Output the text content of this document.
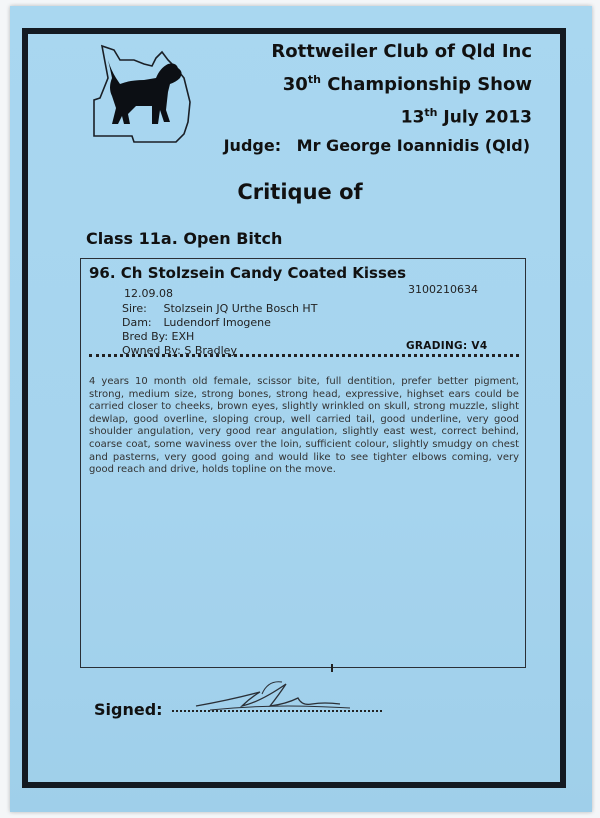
Rottweiler Club of Qld Inc
30th Championship Show
13th July 2013
Judge: Mr George Ioannidis (Qld)
Critique of
Class 11a. Open Bitch
96. Ch Stolzsein Candy Coated Kisses
12.09.08	3100210634
Sire: Stolzsein JQ Urthe Bosch HT
Dam: Ludendorf Imogene
Bred By: EXH
Owned By: S Bradley	GRADING: V4
4 years 10 month old female, scissor bite, full dentition, prefer better pigment, strong, medium size, strong bones, strong head, expressive, highset ears could be carried closer to cheeks, brown eyes, slightly wrinkled on skull, strong muzzle, slight dewlap, good overline, sloping croup, well carried tail, good underline, very good shoulder angulation, very good rear angulation, slightly east west, correct behind, coarse coat, some waviness over the loin, sufficient colour, slightly smudgy on chest and pasterns, very good going and would like to see tighter elbows coming, very good reach and drive, holds topline on the move.
Signed:
